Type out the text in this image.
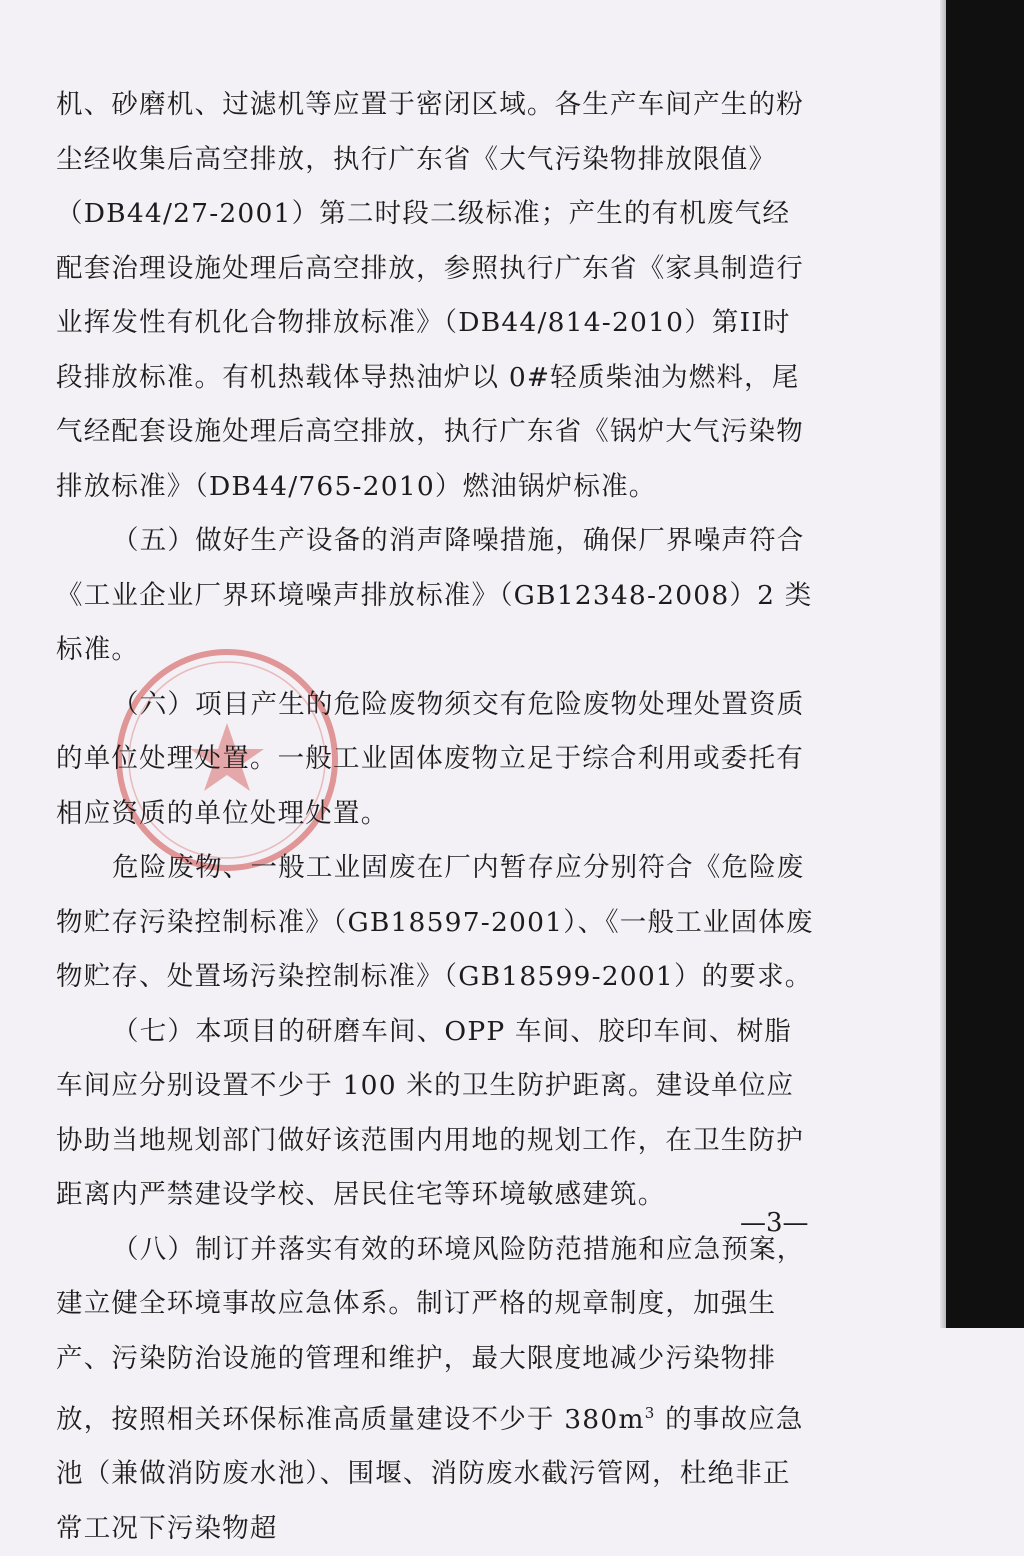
机、砂磨机、过滤机等应置于密闭区域。各生产车间产生的粉尘经收集后高空排放，执行广东省《大气污染物排放限值》（DB44/27-2001）第二时段二级标准；产生的有机废气经配套治理设施处理后高空排放，参照执行广东省《家具制造行业挥发性有机化合物排放标准》（DB44/814-2010）第II时段排放标准。有机热载体导热油炉以 0#轻质柴油为燃料，尾气经配套设施处理后高空排放，执行广东省《锅炉大气污染物排放标准》（DB44/765-2010）燃油锅炉标准。

（五）做好生产设备的消声降噪措施，确保厂界噪声符合《工业企业厂界环境噪声排放标准》（GB12348-2008）2 类标准。

（六）项目产生的危险废物须交有危险废物处理处置资质的单位处理处置。一般工业固体废物立足于综合利用或委托有相应资质的单位处理处置。

危险废物、一般工业固废在厂内暂存应分别符合《危险废物贮存污染控制标准》（GB18597-2001）、《一般工业固体废物贮存、处置场污染控制标准》（GB18599-2001）的要求。

（七）本项目的研磨车间、OPP 车间、胶印车间、树脂车间应分别设置不少于 100 米的卫生防护距离。建设单位应协助当地规划部门做好该范围内用地的规划工作，在卫生防护距离内严禁建设学校、居民住宅等环境敏感建筑。

（八）制订并落实有效的环境风险防范措施和应急预案，建立健全环境事故应急体系。制订严格的规章制度，加强生产、污染防治设施的管理和维护，最大限度地减少污染物排放，按照相关环保标准高质量建设不少于 $380m^3$ 的事故应急池（兼做消防废水池）、围堰、消防废水截污管网，杜绝非正常工况下污染物超

—3—
